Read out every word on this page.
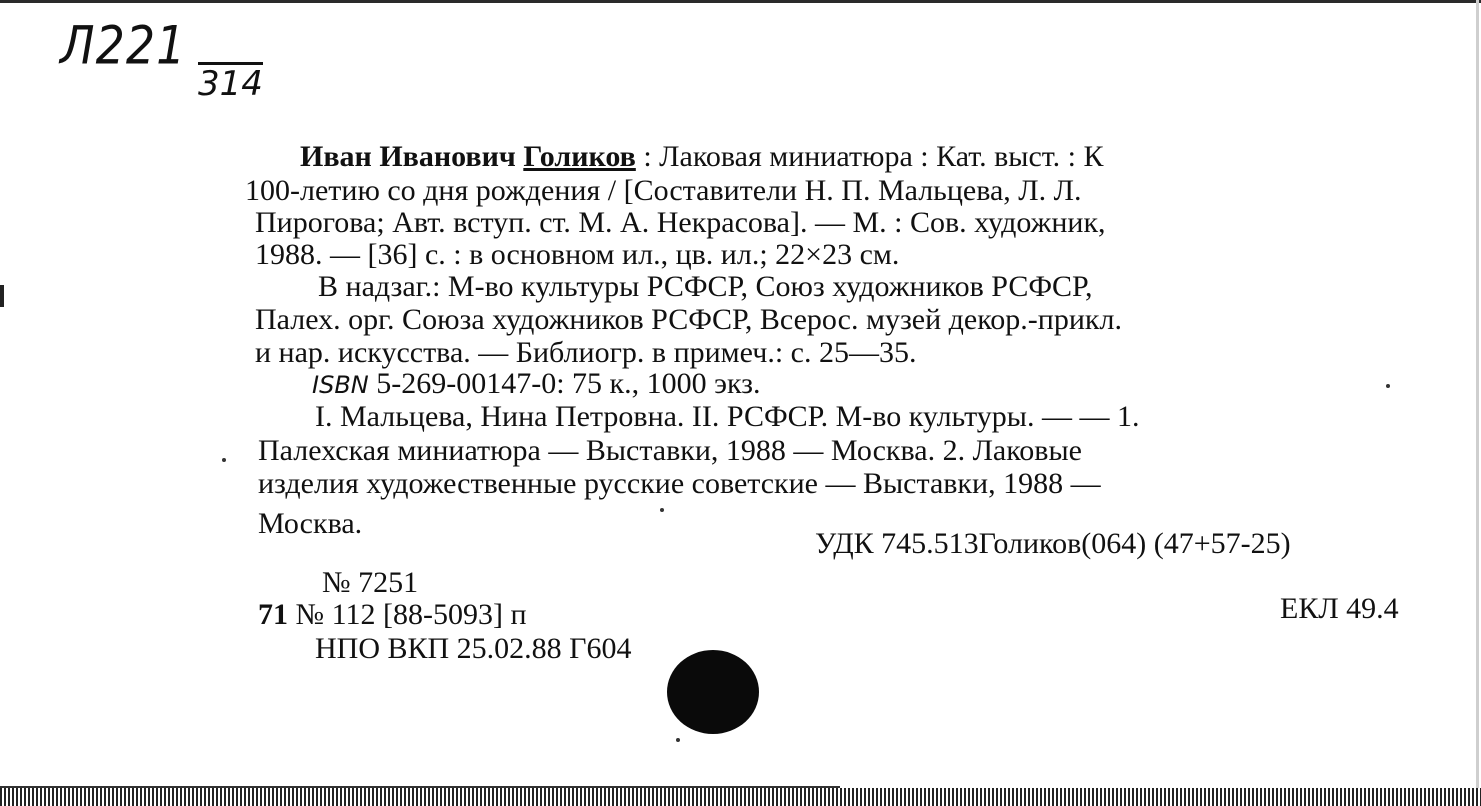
Л221
314
Иван Иванович Голиков : Лаковая миниатюра : Кат. выст. : К
100-летию со дня рождения / [Составители Н. П. Мальцева, Л. Л.
Пирогова; Авт. вступ. ст. М. А. Некрасова]. — М. : Сов. художник,
1988. — [36] с. : в основном ил., цв. ил.; 22×23 см.
В надзаг.: М-во культуры РСФСР, Союз художников РСФСР,
Палех. орг. Союза художников РСФСР, Всерос. музей декор.-прикл.
и нар. искусства. — Библиогр. в примеч.: с. 25—35.
ISBN 5-269-00147-0: 75 к., 1000 экз.
I. Мальцева, Нина Петровна. II. РСФСР. М-во культуры. — — 1.
Палехская миниатюра — Выставки, 1988 — Москва. 2. Лаковые
изделия художественные русские советские — Выставки, 1988 —
Москва.
УДК 745.513Голиков(064) (47+57-25)
№ 7251
71 № 112 [88-5093] п	ЕКЛ 49.4
НПО ВКП 25.02.88 Г604
